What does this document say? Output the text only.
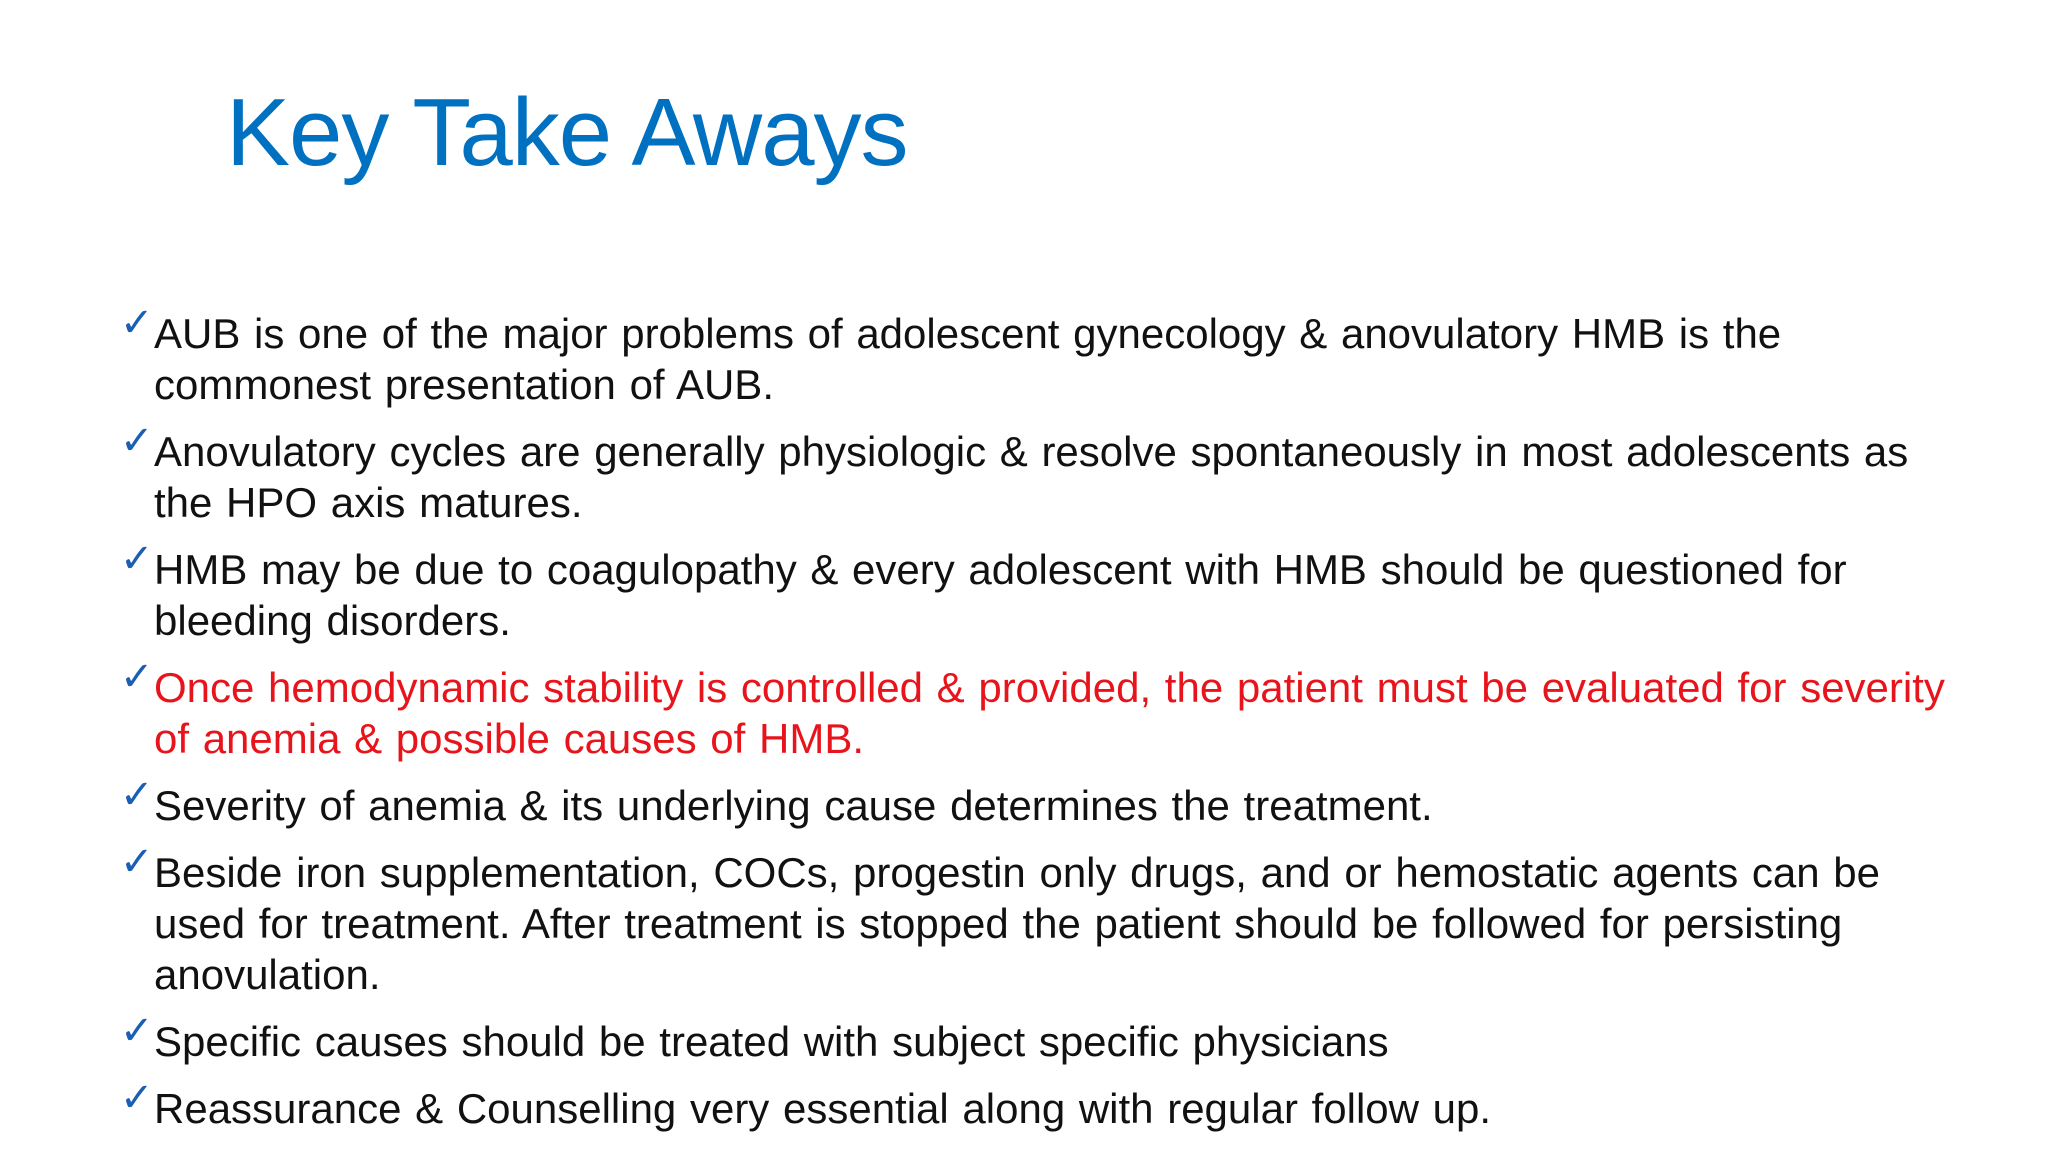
Key Take Aways
✓ AUB is one of the major problems of adolescent gynecology & anovulatory HMB is the commonest presentation of AUB.
✓ Anovulatory cycles are generally physiologic & resolve spontaneously in most adolescents as the HPO axis matures.
✓ HMB may be due to coagulopathy & every adolescent with HMB should be questioned for bleeding disorders.
✓ Once hemodynamic stability is controlled & provided, the patient must be evaluated for severity of anemia & possible causes of HMB.
✓ Severity of anemia & its underlying cause determines the treatment.
✓ Beside iron supplementation, COCs, progestin only drugs, and or hemostatic agents can be used for treatment. After treatment is stopped the patient should be followed for persisting anovulation.
✓ Specific causes should be treated with subject specific physicians
✓ Reassurance & Counselling very essential along with regular follow up.
